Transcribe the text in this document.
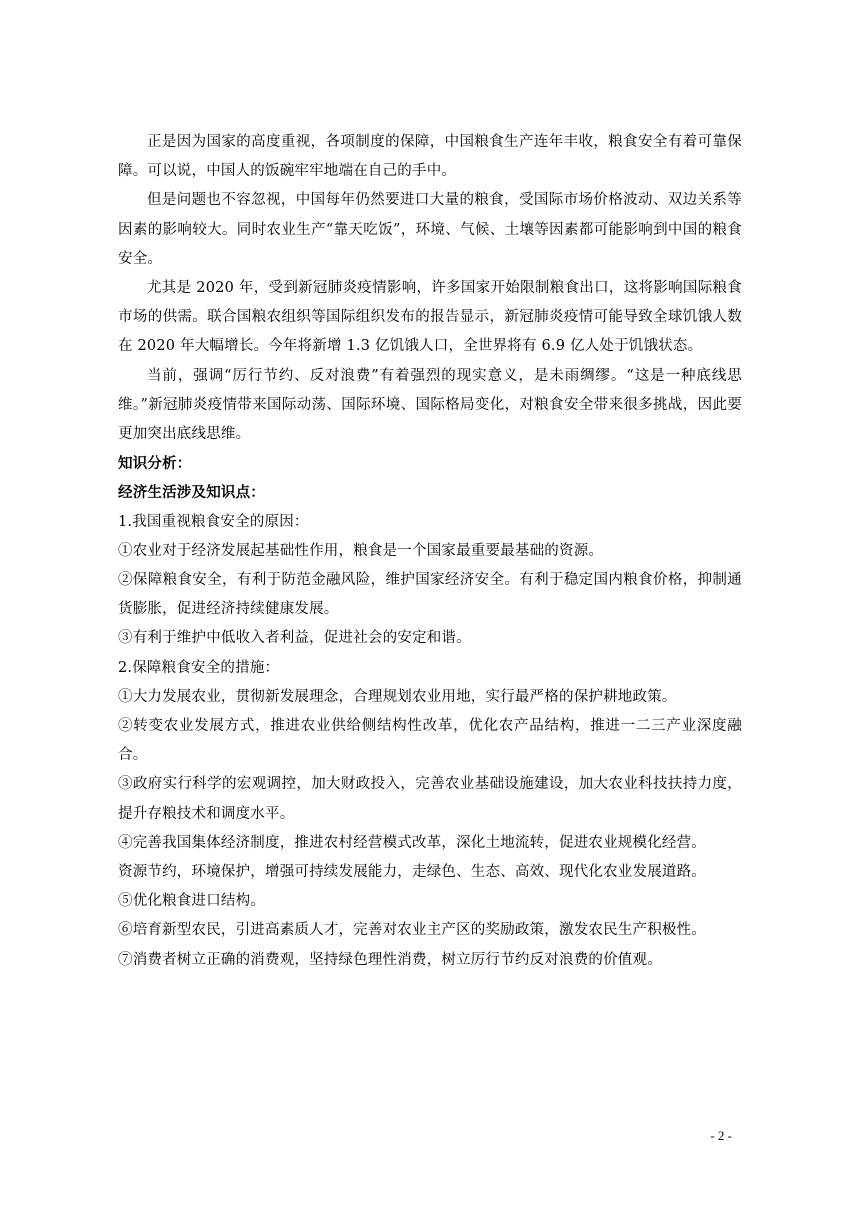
正是因为国家的高度重视，各项制度的保障，中国粮食生产连年丰收，粮食安全有着可靠保障。可以说，中国人的饭碗牢牢地端在自己的手中。

但是问题也不容忽视，中国每年仍然要进口大量的粮食，受国际市场价格波动、双边关系等因素的影响较大。同时农业生产“靠天吃饭”，环境、气候、土壤等因素都可能影响到中国的粮食安全。

尤其是 2020 年，受到新冠肺炎疫情影响，许多国家开始限制粮食出口，这将影响国际粮食市场的供需。联合国粮农组织等国际组织发布的报告显示，新冠肺炎疫情可能导致全球饥饿人数在 2020 年大幅增长。今年将新增 1.3 亿饥饿人口，全世界将有 6.9 亿人处于饥饿状态。

当前，强调“厉行节约、反对浪费”有着强烈的现实意义，是未雨绸缪。“这是一种底线思维。”新冠肺炎疫情带来国际动荡、国际环境、国际格局变化，对粮食安全带来很多挑战，因此要更加突出底线思维。

知识分析：

经济生活涉及知识点：

1.我国重视粮食安全的原因：

①农业对于经济发展起基础性作用，粮食是一个国家最重要最基础的资源。

②保障粮食安全，有利于防范金融风险，维护国家经济安全。有利于稳定国内粮食价格，抑制通货膨胀，促进经济持续健康发展。

③有利于维护中低收入者利益，促进社会的安定和谐。

2.保障粮食安全的措施：

①大力发展农业，贯彻新发展理念，合理规划农业用地，实行最严格的保护耕地政策。

②转变农业发展方式，推进农业供给侧结构性改革，优化农产品结构，推进一二三产业深度融合。

③政府实行科学的宏观调控，加大财政投入，完善农业基础设施建设，加大农业科技扶持力度，提升存粮技术和调度水平。

④完善我国集体经济制度，推进农村经营模式改革，深化土地流转，促进农业规模化经营。

资源节约，环境保护，增强可持续发展能力，走绿色、生态、高效、现代化农业发展道路。

⑤优化粮食进口结构。

⑥培育新型农民，引进高素质人才，完善对农业主产区的奖励政策，激发农民生产积极性。

⑦消费者树立正确的消费观，坚持绿色理性消费，树立厉行节约反对浪费的价值观。

- 2 -
